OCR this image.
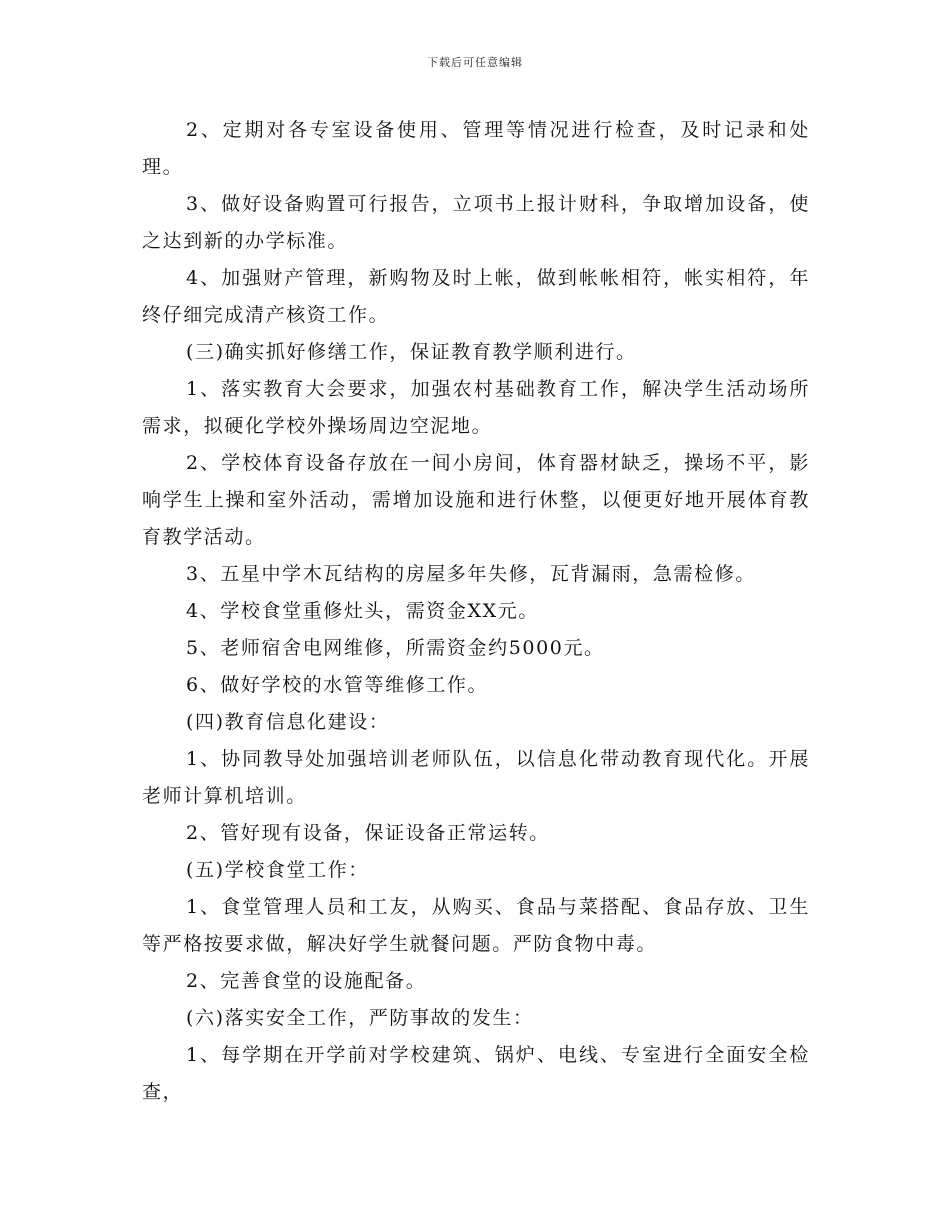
下载后可任意编辑

2、定期对各专室设备使用、管理等情况进行检查，及时记录和处理。

3、做好设备购置可行报告，立项书上报计财科，争取增加设备，使之达到新的办学标准。

4、加强财产管理，新购物及时上帐，做到帐帐相符，帐实相符，年终仔细完成清产核资工作。

(三)确实抓好修缮工作，保证教育教学顺利进行。

1、落实教育大会要求，加强农村基础教育工作，解决学生活动场所需求，拟硬化学校外操场周边空泥地。

2、学校体育设备存放在一间小房间，体育器材缺乏，操场不平，影响学生上操和室外活动，需增加设施和进行休整，以便更好地开展体育教育教学活动。

3、五星中学木瓦结构的房屋多年失修，瓦背漏雨，急需检修。

4、学校食堂重修灶头，需资金XX元。

5、老师宿舍电网维修，所需资金约5000元。

6、做好学校的水管等维修工作。

(四)教育信息化建设：

1、协同教导处加强培训老师队伍，以信息化带动教育现代化。开展老师计算机培训。

2、管好现有设备，保证设备正常运转。

(五)学校食堂工作：

1、食堂管理人员和工友，从购买、食品与菜搭配、食品存放、卫生等严格按要求做，解决好学生就餐问题。严防食物中毒。

2、完善食堂的设施配备。

(六)落实安全工作，严防事故的发生：

1、每学期在开学前对学校建筑、锅炉、电线、专室进行全面安全检查，
